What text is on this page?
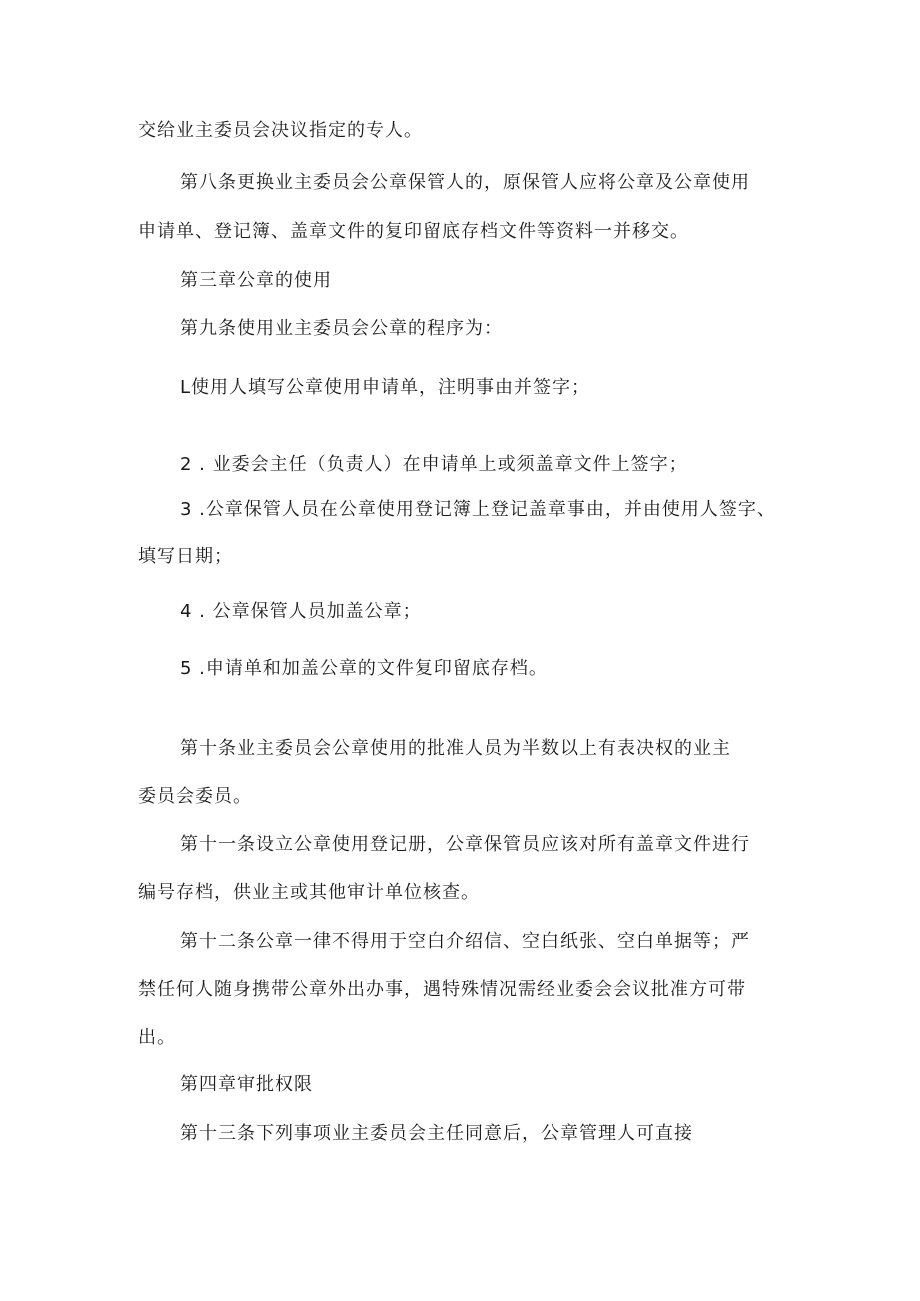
交给业主委员会决议指定的专人。
第八条更换业主委员会公章保管人的，原保管人应将公章及公章使用
申请单、登记簿、盖章文件的复印留底存档文件等资料一并移交。
第三章公章的使用
第九条使用业主委员会公章的程序为：
L使用人填写公章使用申请单，注明事由并签字；
2 . 业委会主任（负责人）在申请单上或须盖章文件上签字；
3 .公章保管人员在公章使用登记簿上登记盖章事由，并由使用人签字、
填写日期；
4 . 公章保管人员加盖公章；
5 .申请单和加盖公章的文件复印留底存档。
第十条业主委员会公章使用的批准人员为半数以上有表决权的业主
委员会委员。
第十一条设立公章使用登记册，公章保管员应该对所有盖章文件进行
编号存档，供业主或其他审计单位核查。
第十二条公章一律不得用于空白介绍信、空白纸张、空白单据等；严
禁任何人随身携带公章外出办事，遇特殊情况需经业委会会议批准方可带
出。
第四章审批权限
第十三条下列事项业主委员会主任同意后，公章管理人可直接
